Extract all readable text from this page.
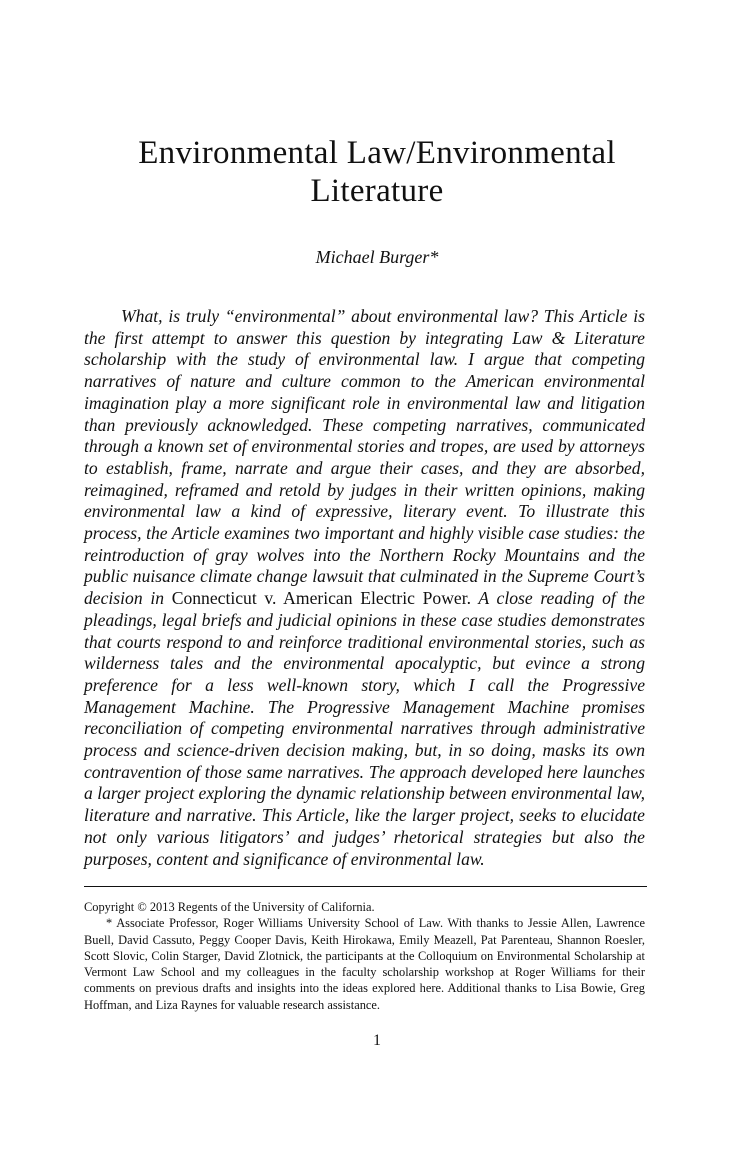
Environmental Law/Environmental
Literature
Michael Burger*

What, is truly “environmental” about environmental law? This Article is the first attempt to answer this question by integrating Law & Literature scholarship with the study of environmental law. I argue that competing narratives of nature and culture common to the American environmental imagination play a more significant role in environmental law and litigation than previously acknowledged. These competing narratives, communicated through a known set of environmental stories and tropes, are used by attorneys to establish, frame, narrate and argue their cases, and they are absorbed, reimagined, reframed and retold by judges in their written opinions, making environmental law a kind of expressive, literary event. To illustrate this process, the Article examines two important and highly visible case studies: the reintroduction of gray wolves into the Northern Rocky Mountains and the public nuisance climate change lawsuit that culminated in the Supreme Court’s decision in Connecticut v. American Electric Power. A close reading of the pleadings, legal briefs and judicial opinions in these case studies demonstrates that courts respond to and reinforce traditional environmental stories, such as wilderness tales and the environmental apocalyptic, but evince a strong preference for a less well-known story, which I call the Progressive Management Machine. The Progressive Management Machine promises reconciliation of competing environmental narratives through administrative process and science-driven decision making, but, in so doing, masks its own contravention of those same narratives. The approach developed here launches a larger project exploring the dynamic relationship between environmental law, literature and narrative. This Article, like the larger project, seeks to elucidate not only various litigators’ and judges’ rhetorical strategies but also the purposes, content and significance of environmental law.

Copyright © 2013 Regents of the University of California.

* Associate Professor, Roger Williams University School of Law. With thanks to Jessie Allen, Lawrence Buell, David Cassuto, Peggy Cooper Davis, Keith Hirokawa, Emily Meazell, Pat Parenteau, Shannon Roesler, Scott Slovic, Colin Starger, David Zlotnick, the participants at the Colloquium on Environmental Scholarship at Vermont Law School and my colleagues in the faculty scholarship workshop at Roger Williams for their comments on previous drafts and insights into the ideas explored here. Additional thanks to Lisa Bowie, Greg Hoffman, and Liza Raynes for valuable research assistance.

1
